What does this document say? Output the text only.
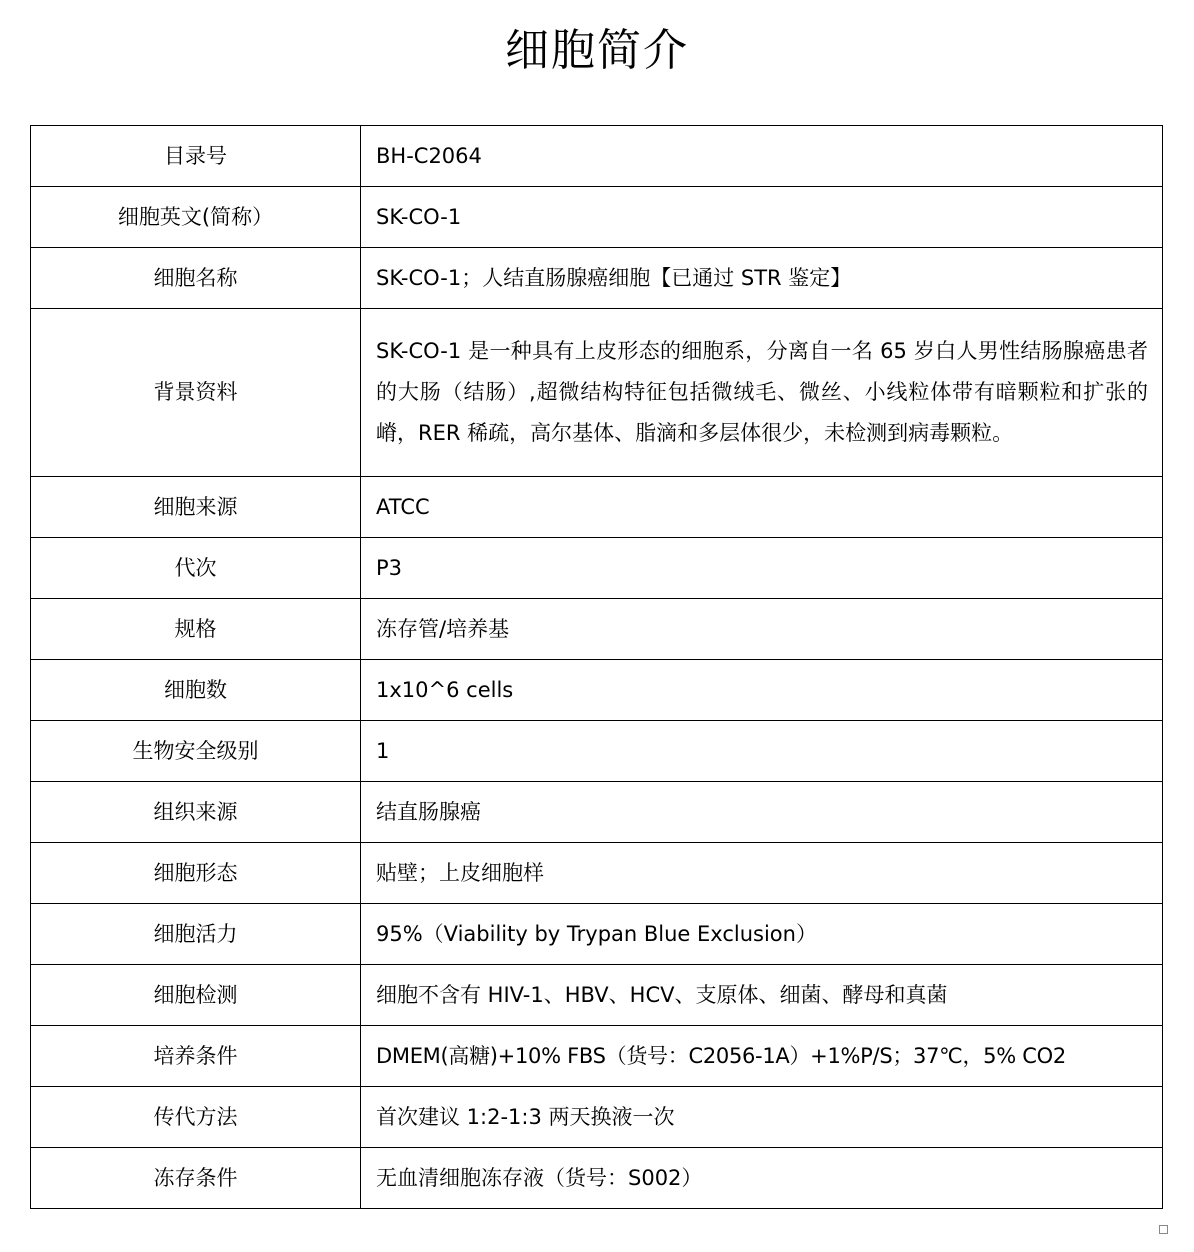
细胞简介
目录号	BH-C2064
细胞英文(简称）	SK-CO-1
细胞名称	SK-CO-1；人结直肠腺癌细胞【已通过 STR 鉴定】
背景资料	SK-CO-1 是一种具有上皮形态的细胞系，分离自一名 65 岁白人男性结肠腺癌患者的大肠（结肠）,超微结构特征包括微绒毛、微丝、小线粒体带有暗颗粒和扩张的嵴，RER 稀疏，高尔基体、脂滴和多层体很少，未检测到病毒颗粒。
细胞来源	ATCC
代次	P3
规格	冻存管/培养基
细胞数	1x10^6 cells
生物安全级别	1
组织来源	结直肠腺癌
细胞形态	贴壁；上皮细胞样
细胞活力	95%（Viability by Trypan Blue Exclusion）
细胞检测	细胞不含有 HIV-1、HBV、HCV、支原体、细菌、酵母和真菌
培养条件	DMEM(高糖)+10% FBS（货号：C2056-1A）+1%P/S；37℃，5% CO2
传代方法	首次建议 1:2-1:3 两天换液一次
冻存条件	无血清细胞冻存液（货号：S002）
